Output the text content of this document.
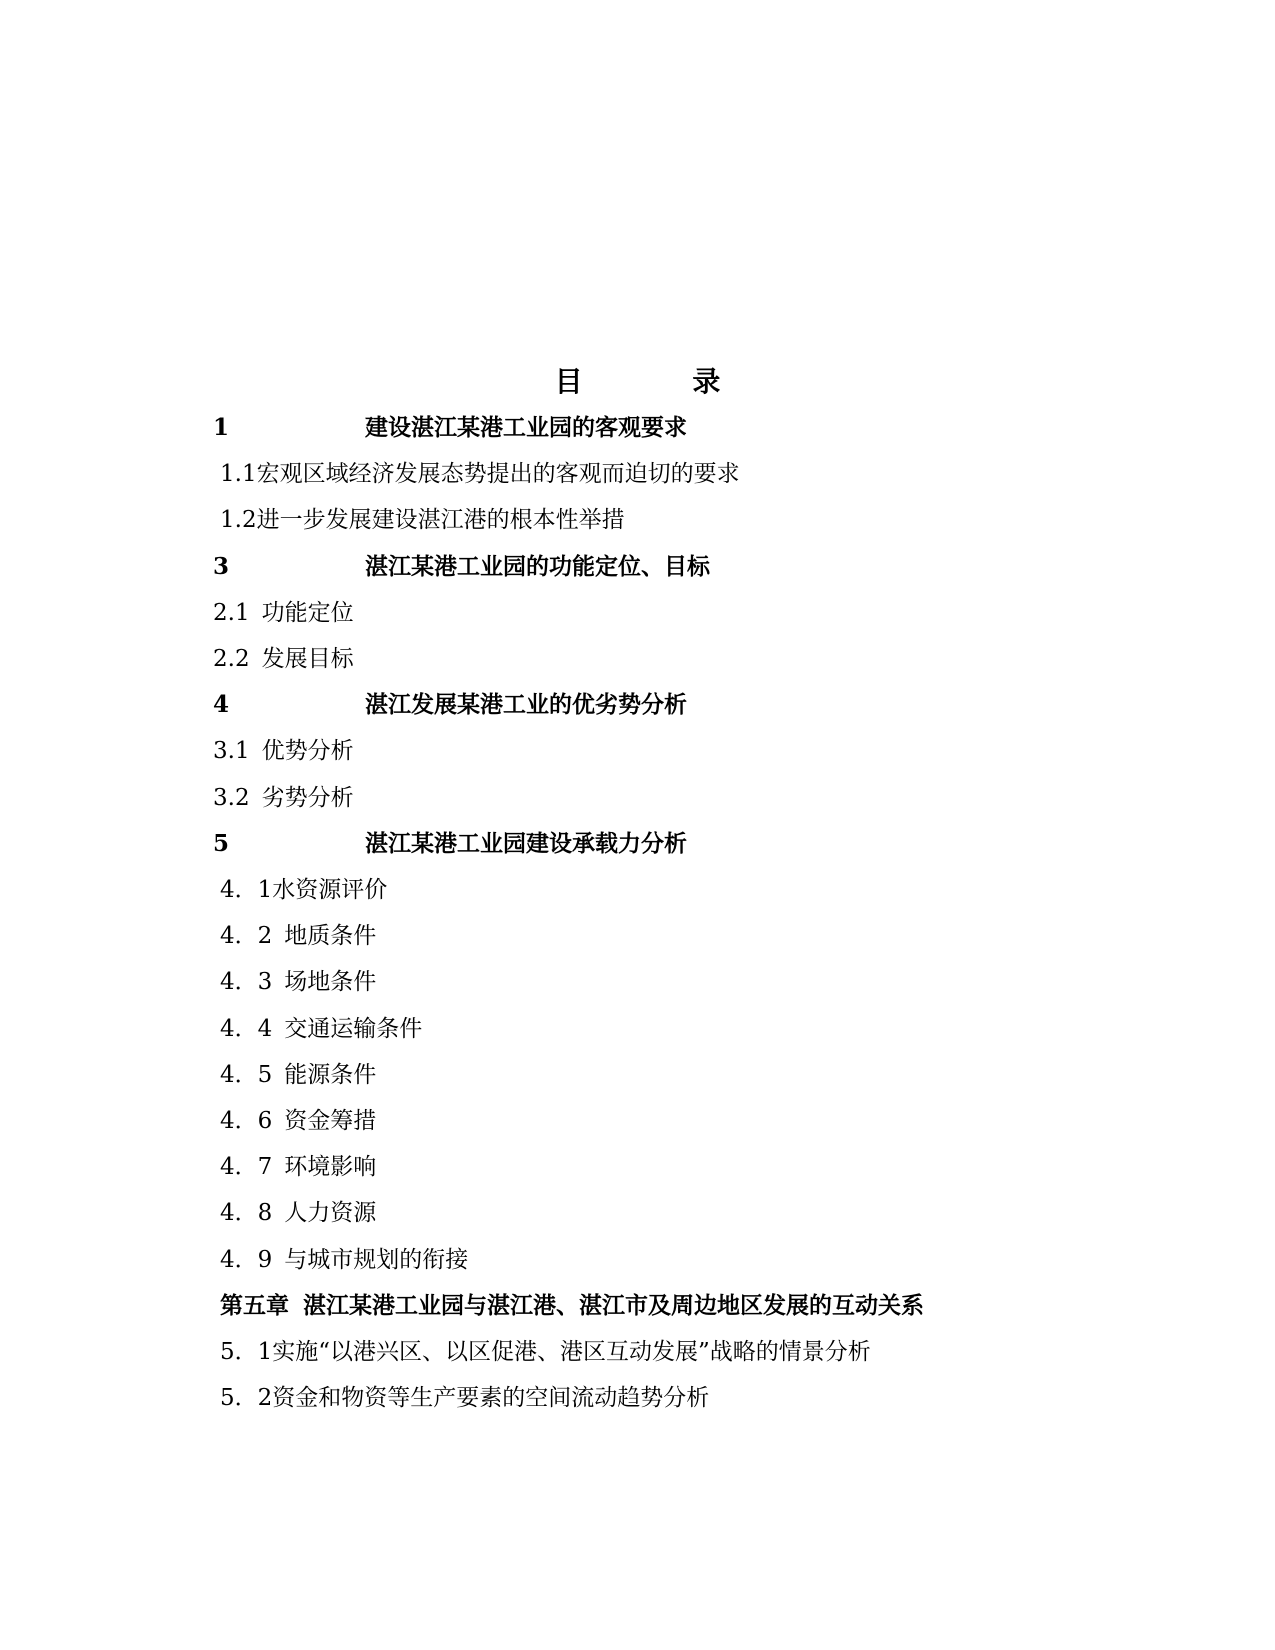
目 录
1	建设湛江某港工业园的客观要求
1.1宏观区域经济发展态势提出的客观而迫切的要求
1.2进一步发展建设湛江港的根本性举措
3	湛江某港工业园的功能定位、目标
2.1 功能定位
2.2 发展目标
4	湛江发展某港工业的优劣势分析
3.1 优势分析
3.2 劣势分析
5	湛江某港工业园建设承载力分析
4．1水资源评价
4．2 地质条件
4．3 场地条件
4．4 交通运输条件
4．5 能源条件
4．6 资金筹措
4．7 环境影响
4．8 人力资源
4．9 与城市规划的衔接
第五章 湛江某港工业园与湛江港、湛江市及周边地区发展的互动关系
5．1实施“以港兴区、以区促港、港区互动发展”战略的情景分析
5．2资金和物资等生产要素的空间流动趋势分析
